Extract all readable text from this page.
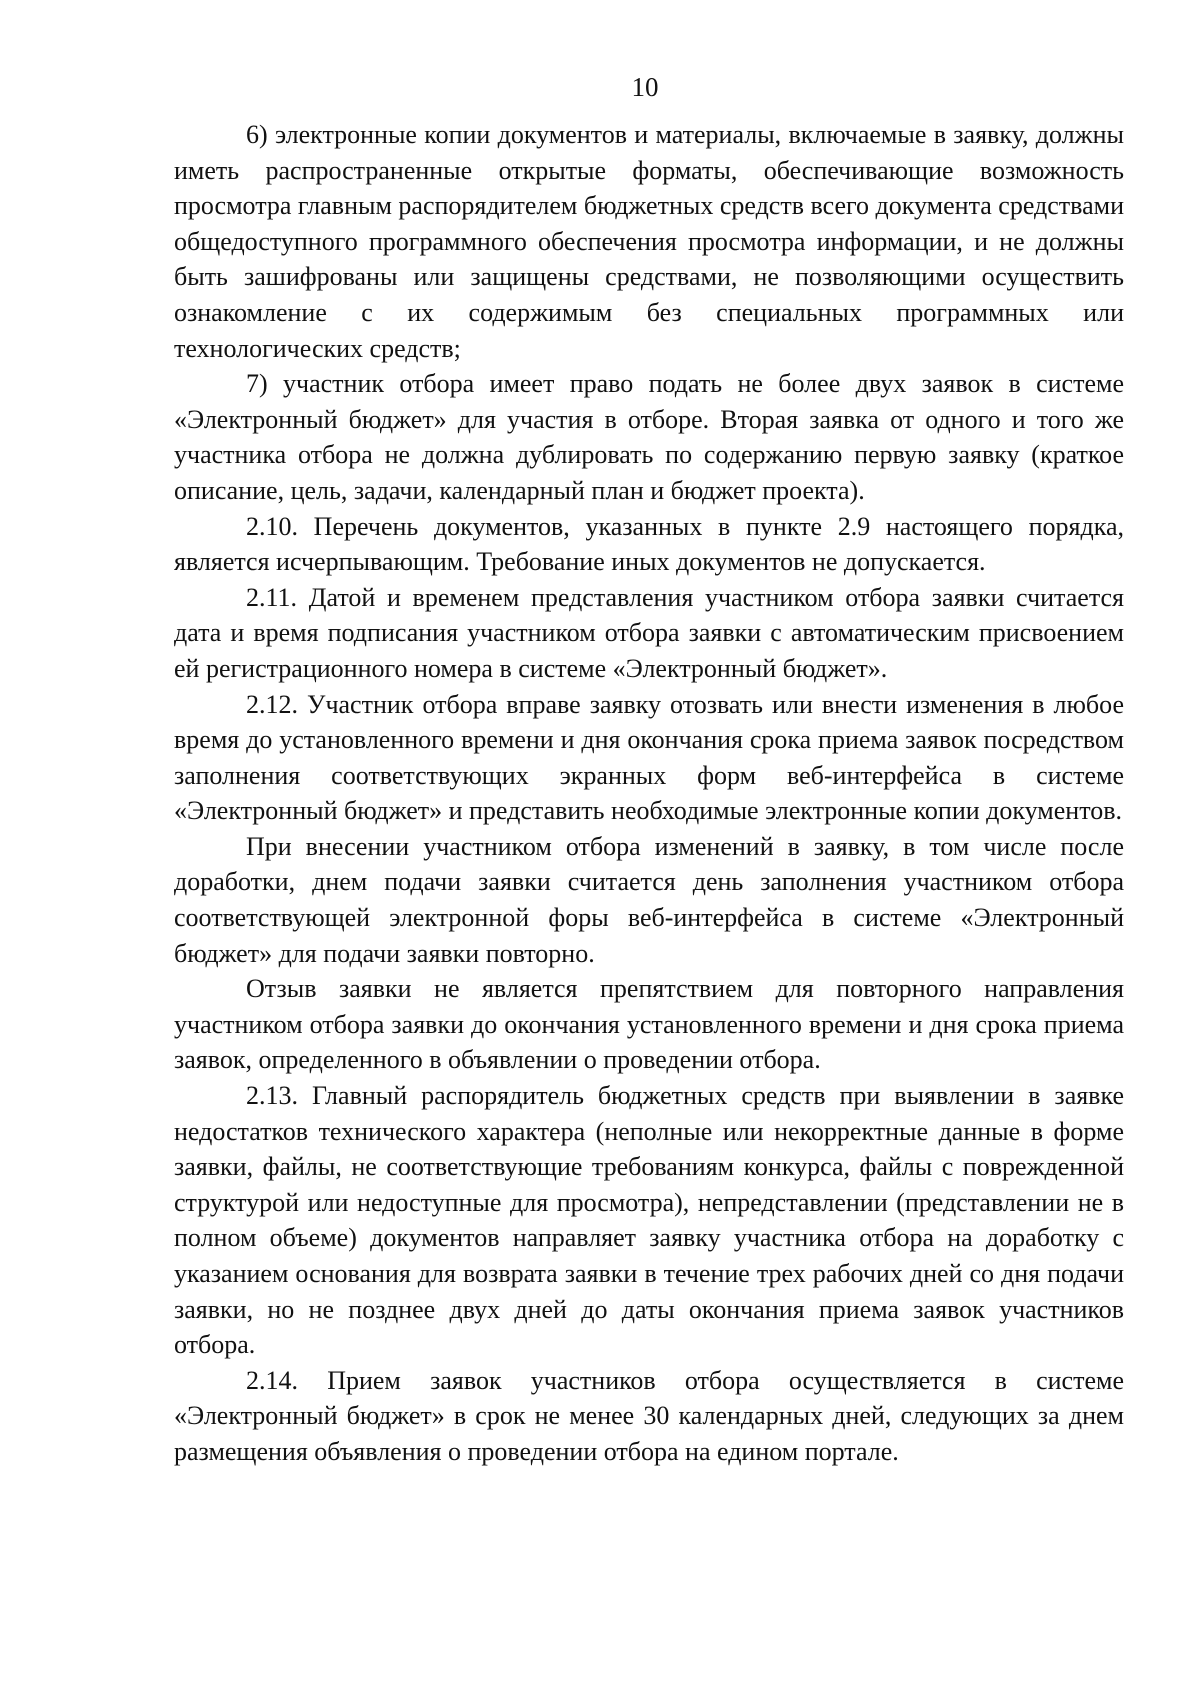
10

6) электронные копии документов и материалы, включаемые в заявку, должны иметь распространенные открытые форматы, обеспечивающие возможность просмотра главным распорядителем бюджетных средств всего документа средствами общедоступного программного обеспечения просмотра информации, и не должны быть зашифрованы или защищены средствами, не позволяющими осуществить ознакомление с их содержимым без специальных программных или технологических средств;

7) участник отбора имеет право подать не более двух заявок в системе «Электронный бюджет» для участия в отборе. Вторая заявка от одного и того же участника отбора не должна дублировать по содержанию первую заявку (краткое описание, цель, задачи, календарный план и бюджет проекта).

2.10. Перечень документов, указанных в пункте 2.9 настоящего порядка, является исчерпывающим. Требование иных документов не допускается.

2.11. Датой и временем представления участником отбора заявки считается дата и время подписания участником отбора заявки с автоматическим присвоением ей регистрационного номера в системе «Электронный бюджет».

2.12. Участник отбора вправе заявку отозвать или внести изменения в любое время до установленного времени и дня окончания срока приема заявок посредством заполнения соответствующих экранных форм веб-интерфейса в системе «Электронный бюджет» и представить необходимые электронные копии документов.

При внесении участником отбора изменений в заявку, в том числе после доработки, днем подачи заявки считается день заполнения участником отбора соответствующей электронной форы веб-интерфейса в системе «Электронный бюджет» для подачи заявки повторно.

Отзыв заявки не является препятствием для повторного направления участником отбора заявки до окончания установленного времени и дня срока приема заявок, определенного в объявлении о проведении отбора.

2.13. Главный распорядитель бюджетных средств при выявлении в заявке недостатков технического характера (неполные или некорректные данные в форме заявки, файлы, не соответствующие требованиям конкурса, файлы с поврежденной структурой или недоступные для просмотра), непредставлении (представлении не в полном объеме) документов направляет заявку участника отбора на доработку с указанием основания для возврата заявки в течение трех рабочих дней со дня подачи заявки, но не позднее двух дней до даты окончания приема заявок участников отбора.

2.14. Прием заявок участников отбора осуществляется в системе «Электронный бюджет» в срок не менее 30 календарных дней, следующих за днем размещения объявления о проведении отбора на едином портале.
